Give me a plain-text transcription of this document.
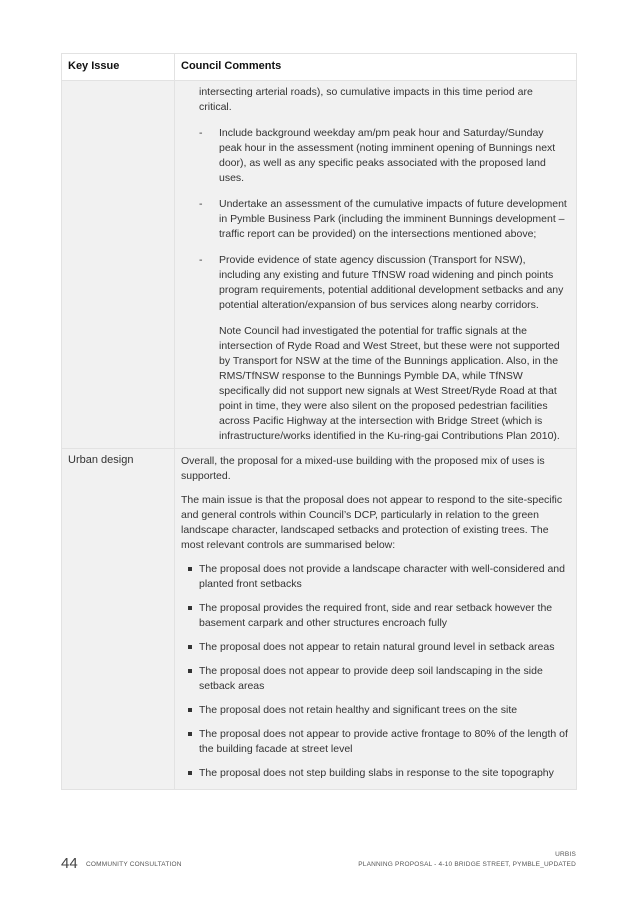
Key Issue	Council Comments
intersecting arterial roads), so cumulative impacts in this time period are critical.
-	Include background weekday am/pm peak hour and Saturday/Sunday peak hour in the assessment (noting imminent opening of Bunnings next door), as well as any specific peaks associated with the proposed land uses.
-	Undertake an assessment of the cumulative impacts of future development in Pymble Business Park (including the imminent Bunnings development – traffic report can be provided) on the intersections mentioned above;
-	Provide evidence of state agency discussion (Transport for NSW), including any existing and future TfNSW road widening and pinch points program requirements, potential additional development setbacks and any potential alteration/expansion of bus services along nearby corridors.
Note Council had investigated the potential for traffic signals at the intersection of Ryde Road and West Street, but these were not supported by Transport for NSW at the time of the Bunnings application. Also, in the RMS/TfNSW response to the Bunnings Pymble DA, while TfNSW specifically did not support new signals at West Street/Ryde Road at that point in time, they were also silent on the proposed pedestrian facilities across Pacific Highway at the intersection with Bridge Street (which is infrastructure/works identified in the Ku-ring-gai Contributions Plan 2010).
Urban design	Overall, the proposal for a mixed-use building with the proposed mix of uses is supported.

The main issue is that the proposal does not appear to respond to the site-specific and general controls within Council’s DCP, particularly in relation to the green landscape character, landscaped setbacks and protection of existing trees. The most relevant controls are summarised below:

The proposal does not provide a landscape character with well-considered and planted front setbacks
The proposal provides the required front, side and rear setback however the basement carpark and other structures encroach fully
The proposal does not appear to retain natural ground level in setback areas
The proposal does not appear to provide deep soil landscaping in the side setback areas
The proposal does not retain healthy and significant trees on the site
The proposal does not appear to provide active frontage to 80% of the length of the building facade at street level
The proposal does not step building slabs in response to the site topography
44 COMMUNITY CONSULTATION
URBIS
PLANNING PROPOSAL - 4-10 BRIDGE STREET, PYMBLE_UPDATED
